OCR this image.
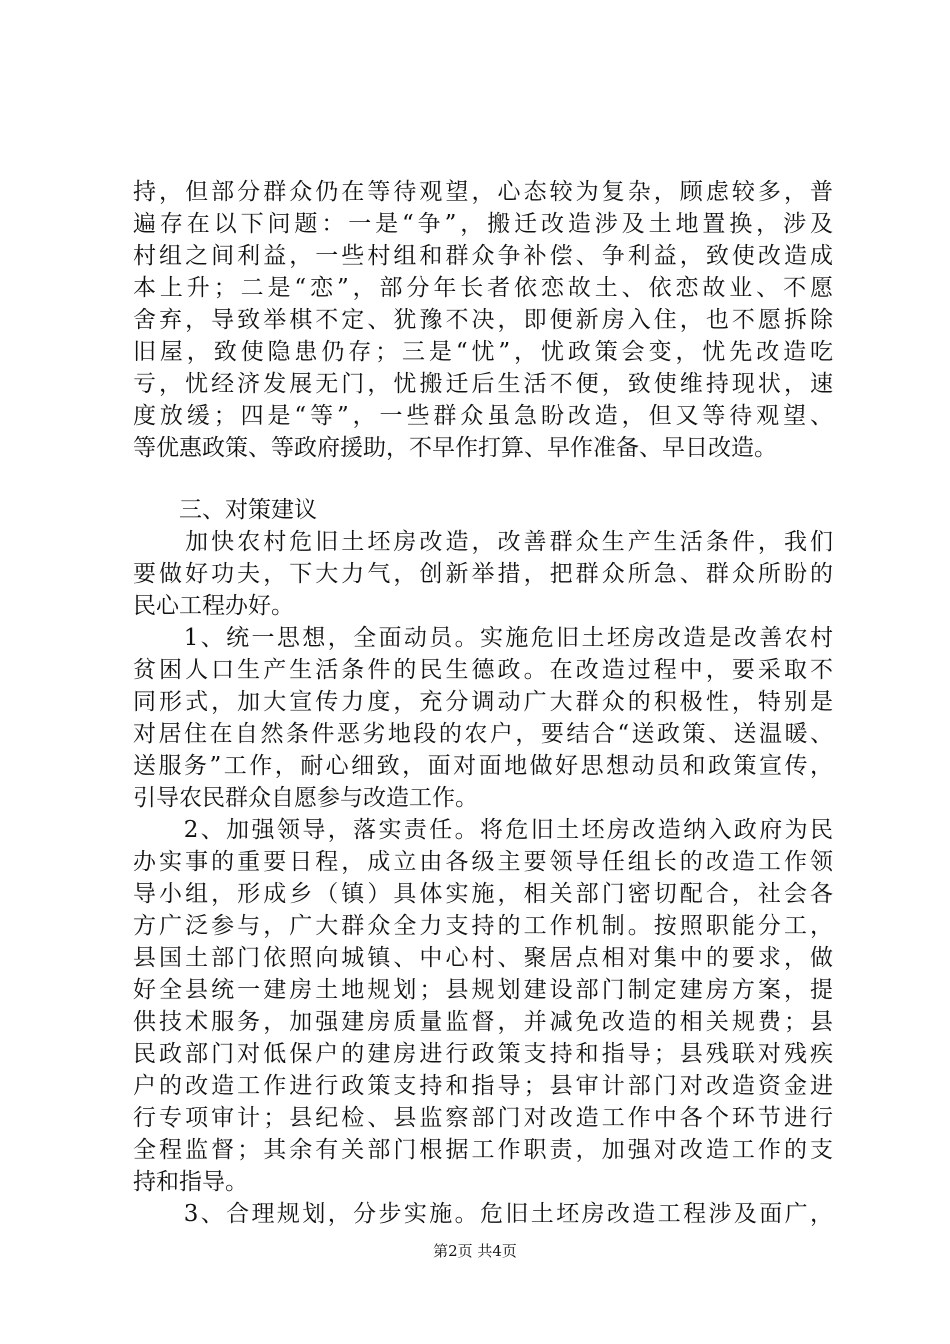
持，但部分群众仍在等待观望，心态较为复杂，顾虑较多，普
遍存在以下问题：一是“争”，搬迁改造涉及土地置换，涉及
村组之间利益，一些村组和群众争补偿、争利益，致使改造成
本上升；二是“恋”，部分年长者依恋故土、依恋故业、不愿
舍弃，导致举棋不定、犹豫不决，即便新房入住，也不愿拆除
旧屋，致使隐患仍存；三是“忧”，忧政策会变，忧先改造吃
亏，忧经济发展无门，忧搬迁后生活不便，致使维持现状，速
度放缓；四是“等”，一些群众虽急盼改造，但又等待观望、
等优惠政策、等政府援助，不早作打算、早作准备、早日改造。
　　三、对策建议
　　加快农村危旧土坯房改造，改善群众生产生活条件，我们
要做好功夫，下大力气，创新举措，把群众所急、群众所盼的
民心工程办好。
　　1、统一思想，全面动员。实施危旧土坯房改造是改善农村
贫困人口生产生活条件的民生德政。在改造过程中，要采取不
同形式，加大宣传力度，充分调动广大群众的积极性，特别是
对居住在自然条件恶劣地段的农户，要结合“送政策、送温暖、
送服务”工作，耐心细致，面对面地做好思想动员和政策宣传，
引导农民群众自愿参与改造工作。
　　2、加强领导，落实责任。将危旧土坯房改造纳入政府为民
办实事的重要日程，成立由各级主要领导任组长的改造工作领
导小组，形成乡（镇）具体实施，相关部门密切配合，社会各
方广泛参与，广大群众全力支持的工作机制。按照职能分工，
县国土部门依照向城镇、中心村、聚居点相对集中的要求，做
好全县统一建房土地规划；县规划建设部门制定建房方案，提
供技术服务，加强建房质量监督，并减免改造的相关规费；县
民政部门对低保户的建房进行政策支持和指导；县残联对残疾
户的改造工作进行政策支持和指导；县审计部门对改造资金进
行专项审计；县纪检、县监察部门对改造工作中各个环节进行
全程监督；其余有关部门根据工作职责，加强对改造工作的支
持和指导。
　　3、合理规划，分步实施。危旧土坯房改造工程涉及面广，
第2页 共4页
